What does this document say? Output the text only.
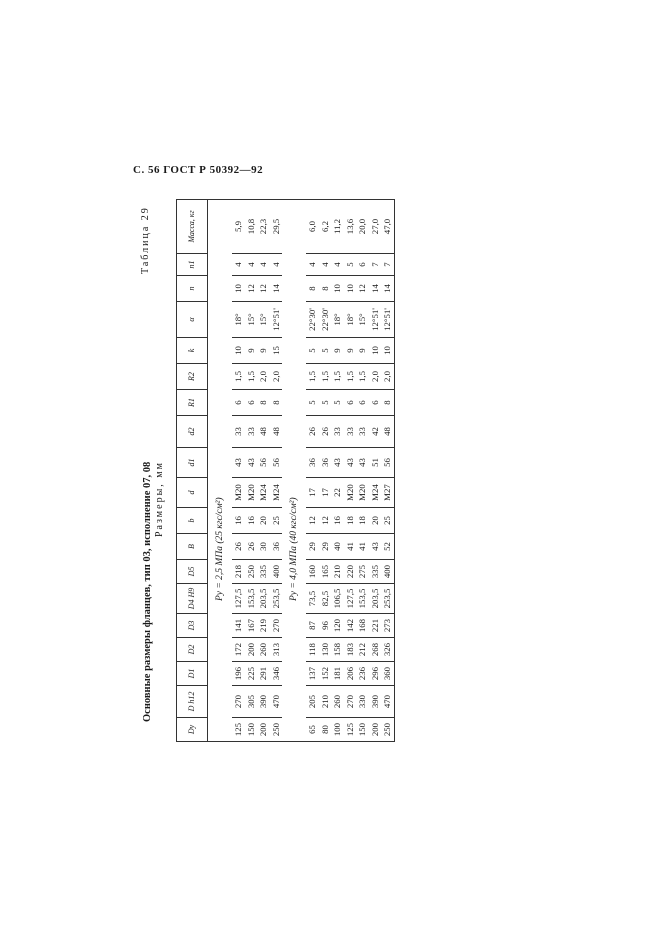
С. 56 ГОСТ Р 50392—92
Основные размеры фланцев, тип 03, исполнение 07, 08
Таблица 29
Размеры, мм
Dу	D h12	D1	D2	D3	D4 H9	D5	B	b	d	d1	d2	R1	R2	k	α	n	n1	Масса, кг
Pу = 2,5 МПа (25 кгс/см²)																		
125	270	196	172	141	127,5	218	26	16	М20	43	33	6	1,5	10	18°	10	4	5,9
150	305	225	200	167	153,5	250	26	16	М20	43	33	6	1,5	9	15°	12	4	10,8
200	390	291	260	219	203,5	335	30	20	М24	56	48	8	2,0	9	15°	12	4	22,3
250	470	346	313	270	253,5	400	36	25	М24	56	48	8	2,0	15	12°51'	14	4	29,5
Pу = 4,0 МПа (40 кгс/см²)																		
65	205	137	118	87	73,5	160	29	12	17	36	26	5	1,5	5	22°30'	8	4	6,0
80	210	152	130	96	82,5	165	29	12	17	36	26	5	1,5	5	22°30'	8	4	6,2
100	260	181	158	120	106,5	210	40	16	22	43	33	5	1,5	9	18°	10	4	11,2
125	270	206	183	142	127,5	220	41	18	М20	43	33	6	1,5	9	18°	10	5	13,6
150	330	236	212	168	153,5	275	41	18	М20	43	33	6	1,5	9	15°	12	6	20,0
200	390	296	268	221	203,5	335	43	20	М24	51	42	6	2,0	10	12°51'	14	7	27,0
250	470	360	326	273	253,5	400	52	25	М27	56	48	8	2,0	10	12°51'	14	7	47,0
